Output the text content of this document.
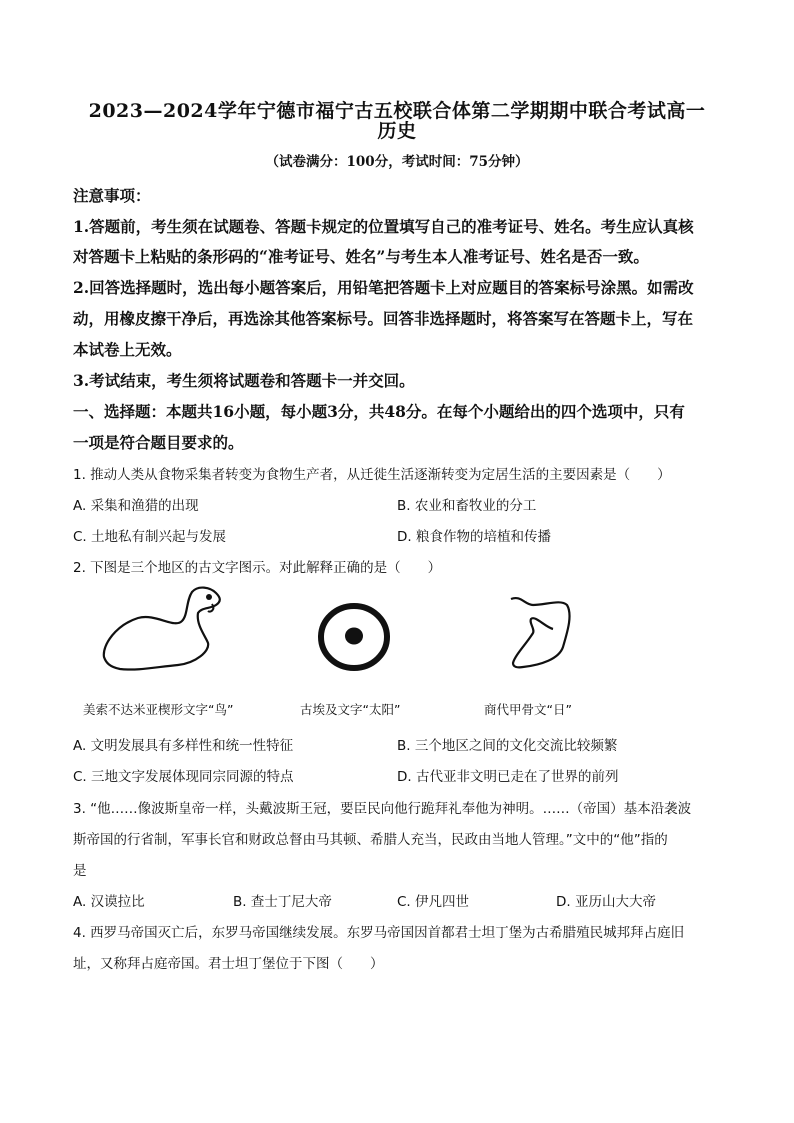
2023—2024学年宁德市福宁古五校联合体第二学期期中联合考试高一
历史
（试卷满分：100分，考试时间：75分钟）
注意事项：
1.答题前，考生须在试题卷、答题卡规定的位置填写自己的准考证号、姓名。考生应认真核
对答题卡上粘贴的条形码的“准考证号、姓名”与考生本人准考证号、姓名是否一致。
2.回答选择题时，选出每小题答案后，用铅笔把答题卡上对应题目的答案标号涂黑。如需改
动，用橡皮擦干净后，再选涂其他答案标号。回答非选择题时，将答案写在答题卡上，写在
本试卷上无效。
3.考试结束，考生须将试题卷和答题卡一并交回。
一、选择题：本题共16小题，每小题3分，共48分。在每个小题给出的四个选项中，只有
一项是符合题目要求的。
1. 推动人类从食物采集者转变为食物生产者，从迁徙生活逐渐转变为定居生活的主要因素是（　　）
A. 采集和渔猎的出现	B. 农业和畜牧业的分工
C. 土地私有制兴起与发展	D. 粮食作物的培植和传播
2. 下图是三个地区的古文字图示。对此解释正确的是（　　）
美索不达米亚楔形文字“鸟”	古埃及文字“太阳”	商代甲骨文“日”
A. 文明发展具有多样性和统一性特征	B. 三个地区之间的文化交流比较频繁
C. 三地文字发展体现同宗同源的特点	D. 古代亚非文明已走在了世界的前列
3. “他……像波斯皇帝一样，头戴波斯王冠，要臣民向他行跪拜礼奉他为神明。……（帝国）基本沿袭波
斯帝国的行省制，军事长官和财政总督由马其顿、希腊人充当，民政由当地人管理。”文中的“他”指的
是
A. 汉谟拉比	B. 查士丁尼大帝	C. 伊凡四世	D. 亚历山大大帝
4. 西罗马帝国灭亡后，东罗马帝国继续发展。东罗马帝国因首都君士坦丁堡为古希腊殖民城邦拜占庭旧
址，又称拜占庭帝国。君士坦丁堡位于下图（　　）
